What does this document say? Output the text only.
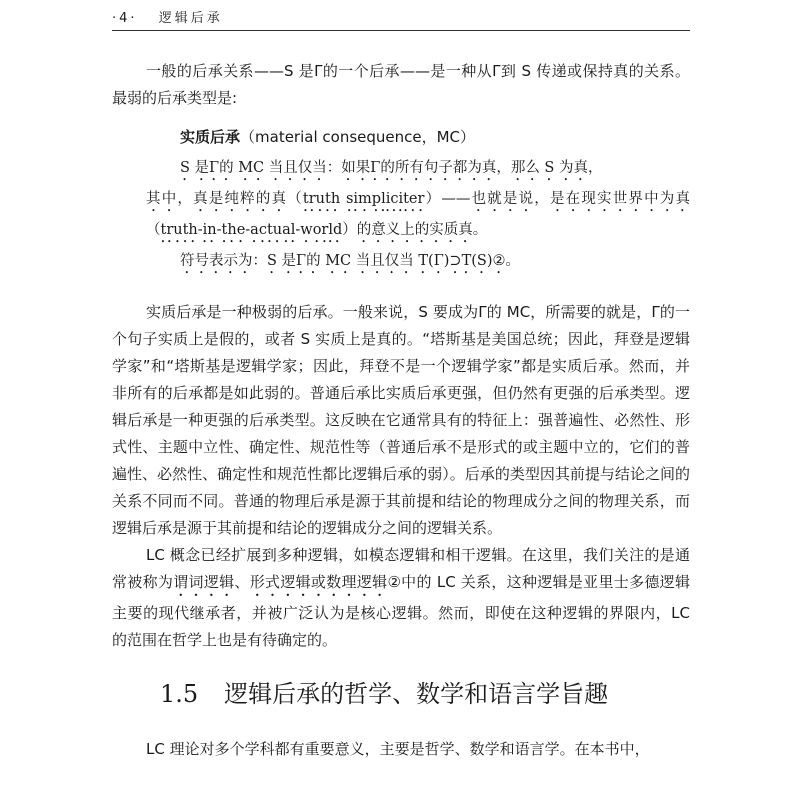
·4· 逻辑后承

一般的后承关系——S 是Γ的一个后承——是一种从Γ到 S 传递或保持真的关系。最弱的后承类型是:

实质后承（material consequence，MC）

S 是Γ的 MC 当且仅当：如果Γ的所有句子都为真，那么 S 为真，

其中，真是纯粹的真（truth simpliciter）——也就是说，是在现实世界中为真（truth-in-the-actual-world）的意义上的实质真。

符号表示为：S 是Γ的 MC 当且仅当 T(Γ)⊃T(S)②。

实质后承是一种极弱的后承。一般来说，S 要成为Γ的 MC，所需要的就是，Γ的一个句子实质上是假的，或者 S 实质上是真的。“塔斯基是美国总统；因此，拜登是逻辑学家”和“塔斯基是逻辑学家；因此，拜登不是一个逻辑学家”都是实质后承。然而，并非所有的后承都是如此弱的。普通后承比实质后承更强，但仍然有更强的后承类型。逻辑后承是一种更强的后承类型。这反映在它通常具有的特征上：强普遍性、必然性、形式性、主题中立性、确定性、规范性等（普通后承不是形式的或主题中立的，它们的普遍性、必然性、确定性和规范性都比逻辑后承的弱）。后承的类型因其前提与结论之间的关系不同而不同。普通的物理后承是源于其前提和结论的物理成分之间的物理关系，而逻辑后承是源于其前提和结论的逻辑成分之间的逻辑关系。

LC 概念已经扩展到多种逻辑，如模态逻辑和相干逻辑。在这里，我们关注的是通常被称为谓词逻辑、形式逻辑或数理逻辑②中的 LC 关系，这种逻辑是亚里士多德逻辑主要的现代继承者，并被广泛认为是核心逻辑。然而，即使在这种逻辑的界限内，LC 的范围在哲学上也是有待确定的。

1.5 逻辑后承的哲学、数学和语言学旨趣

LC 理论对多个学科都有重要意义，主要是哲学、数学和语言学。在本书中，
